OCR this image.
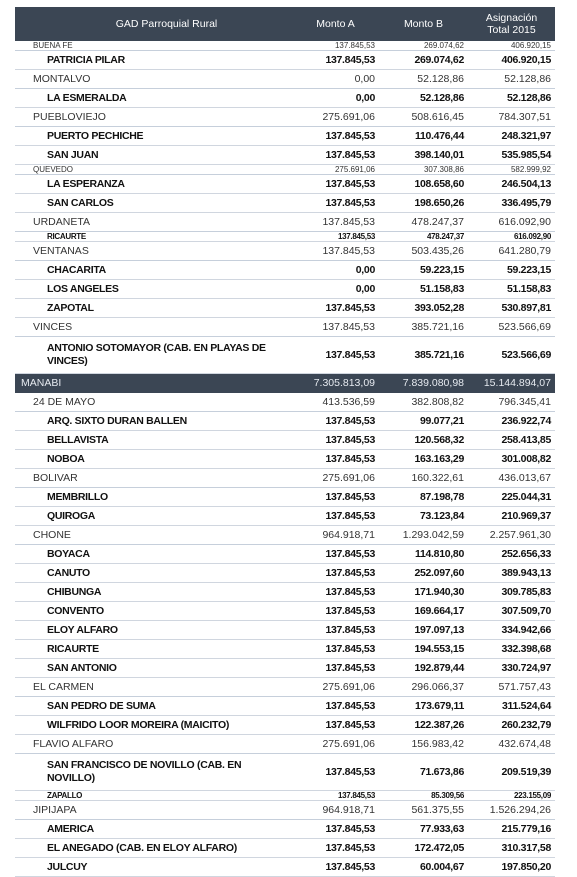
GAD Parroquial Rural	Monto A	Monto B	Asignación
Total 2015
BUENA FE	137.845,53	269.074,62	406.920,15
PATRICIA PILAR	137.845,53	269.074,62	406.920,15
MONTALVO	0,00	52.128,86	52.128,86
LA ESMERALDA	0,00	52.128,86	52.128,86
PUEBLOVIEJO	275.691,06	508.616,45	784.307,51
PUERTO PECHICHE	137.845,53	110.476,44	248.321,97
SAN JUAN	137.845,53	398.140,01	535.985,54
QUEVEDO	275.691,06	307.308,86	582.999,92
LA ESPERANZA	137.845,53	108.658,60	246.504,13
SAN CARLOS	137.845,53	198.650,26	336.495,79
URDANETA	137.845,53	478.247,37	616.092,90
RICAURTE	137.845,53	478.247,37	616.092,90
VENTANAS	137.845,53	503.435,26	641.280,79
CHACARITA	0,00	59.223,15	59.223,15
LOS ANGELES	0,00	51.158,83	51.158,83
ZAPOTAL	137.845,53	393.052,28	530.897,81
VINCES	137.845,53	385.721,16	523.566,69
ANTONIO SOTOMAYOR (CAB. EN PLAYAS DE VINCES)	137.845,53	385.721,16	523.566,69
MANABI	7.305.813,09	7.839.080,98	15.144.894,07
24 DE MAYO	413.536,59	382.808,82	796.345,41
ARQ. SIXTO DURAN BALLEN	137.845,53	99.077,21	236.922,74
BELLAVISTA	137.845,53	120.568,32	258.413,85
NOBOA	137.845,53	163.163,29	301.008,82
BOLIVAR	275.691,06	160.322,61	436.013,67
MEMBRILLO	137.845,53	87.198,78	225.044,31
QUIROGA	137.845,53	73.123,84	210.969,37
CHONE	964.918,71	1.293.042,59	2.257.961,30
BOYACA	137.845,53	114.810,80	252.656,33
CANUTO	137.845,53	252.097,60	389.943,13
CHIBUNGA	137.845,53	171.940,30	309.785,83
CONVENTO	137.845,53	169.664,17	307.509,70
ELOY ALFARO	137.845,53	197.097,13	334.942,66
RICAURTE	137.845,53	194.553,15	332.398,68
SAN ANTONIO	137.845,53	192.879,44	330.724,97
EL CARMEN	275.691,06	296.066,37	571.757,43
SAN PEDRO DE SUMA	137.845,53	173.679,11	311.524,64
WILFRIDO LOOR MOREIRA (MAICITO)	137.845,53	122.387,26	260.232,79
FLAVIO ALFARO	275.691,06	156.983,42	432.674,48
SAN FRANCISCO DE NOVILLO (CAB. EN NOVILLO)	137.845,53	71.673,86	209.519,39
ZAPALLO	137.845,53	85.309,56	223.155,09
JIPIJAPA	964.918,71	561.375,55	1.526.294,26
AMERICA	137.845,53	77.933,63	215.779,16
EL ANEGADO (CAB. EN ELOY ALFARO)	137.845,53	172.472,05	310.317,58
JULCUY	137.845,53	60.004,67	197.850,20
